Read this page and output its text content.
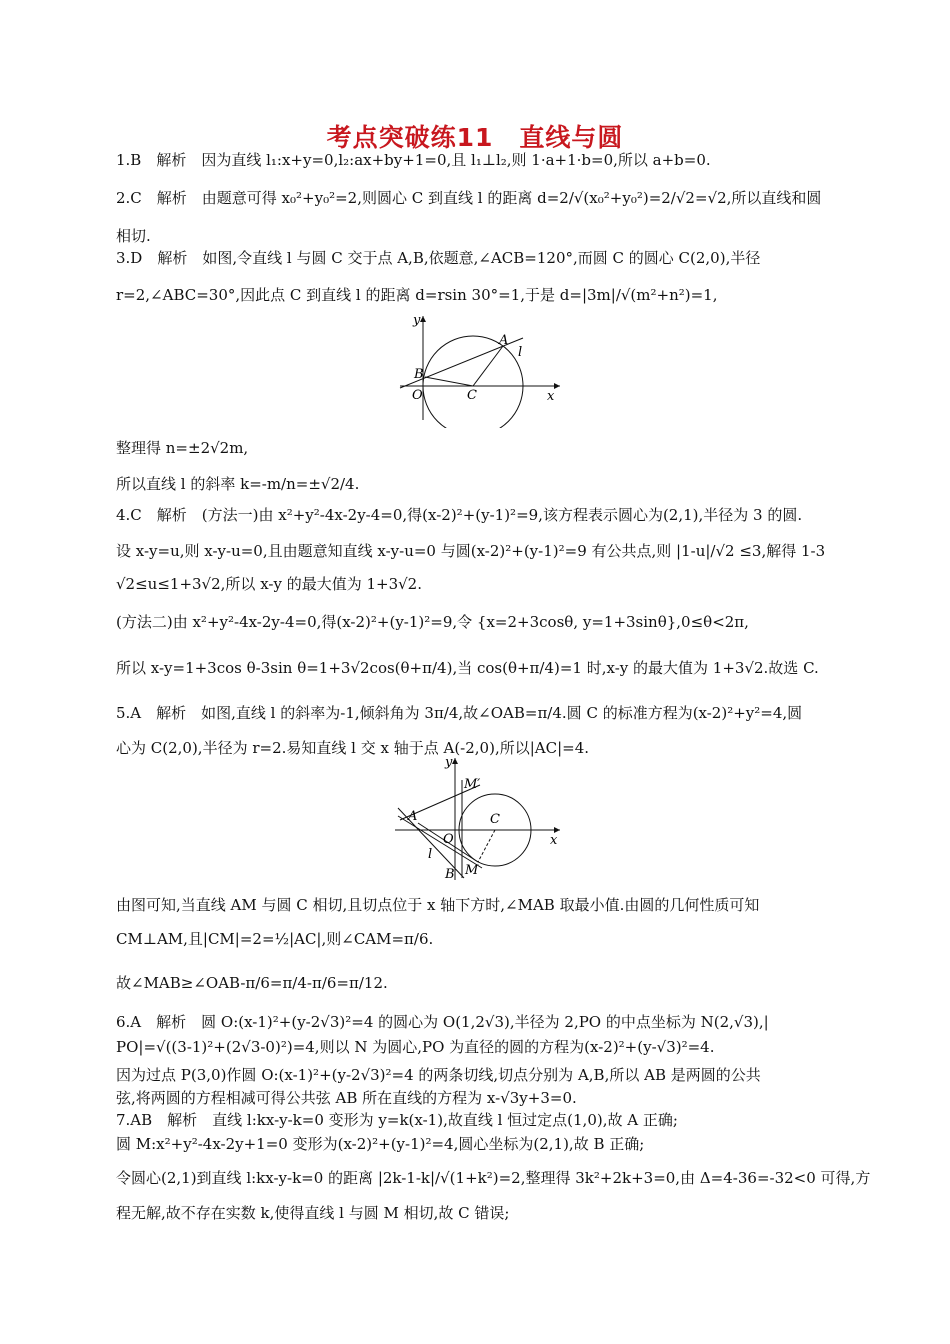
考点突破练11　直线与圆
1.B　解析　因为直线 l₁:x+y=0,l₂:ax+by+1=0,且 l₁⊥l₂,则 1·a+1·b=0,所以 a+b=0.
2.C　解析　由题意可得 x₀²+y₀²=2,则圆心 C 到直线 l 的距离 d=2/√(x₀²+y₀²)=2/√2=√2,所以直线和圆
相切.
3.D　解析　如图,令直线 l 与圆 C 交于点 A,B,依题意,∠ACB=120°,而圆 C 的圆心 C(2,0),半径
r=2,∠ABC=30°,因此点 C 到直线 l 的距离 d=rsin 30°=1,于是 d=|3m|/√(m²+n²)=1,
y
x
A
l
B
O	C
整理得 n=±2√2m,
所以直线 l 的斜率 k=-m/n=±√2/4.
4.C　解析　(方法一)由 x²+y²-4x-2y-4=0,得(x-2)²+(y-1)²=9,该方程表示圆心为(2,1),半径为 3 的圆.
设 x-y=u,则 x-y-u=0,且由题意知直线 x-y-u=0 与圆(x-2)²+(y-1)²=9 有公共点,则 |1-u|/√2 ≤3,解得 1-3
√2≤u≤1+3√2,所以 x-y 的最大值为 1+3√2.
(方法二)由 x²+y²-4x-2y-4=0,得(x-2)²+(y-1)²=9,令 {x=2+3cosθ, y=1+3sinθ},0≤θ<2π,
所以 x-y=1+3cos θ-3sin θ=1+3√2cos(θ+π/4),当 cos(θ+π/4)=1 时,x-y 的最大值为 1+3√2.故选 C.
5.A　解析　如图,直线 l 的斜率为-1,倾斜角为 3π/4,故∠OAB=π/4.圆 C 的标准方程为(x-2)²+y²=4,圆
心为 C(2,0),半径为 r=2.易知直线 l 交 x 轴于点 A(-2,0),所以|AC|=4.
y
x
M′
A	C
O
l
B M
由图可知,当直线 AM 与圆 C 相切,且切点位于 x 轴下方时,∠MAB 取最小值.由圆的几何性质可知
CM⊥AM,且|CM|=2=½|AC|,则∠CAM=π/6.
故∠MAB≥∠OAB-π/6=π/4-π/6=π/12.
6.A　解析　圆 O:(x-1)²+(y-2√3)²=4 的圆心为 O(1,2√3),半径为 2,PO 的中点坐标为 N(2,√3),|
PO|=√((3-1)²+(2√3-0)²)=4,则以 N 为圆心,PO 为直径的圆的方程为(x-2)²+(y-√3)²=4.
因为过点 P(3,0)作圆 O:(x-1)²+(y-2√3)²=4 的两条切线,切点分别为 A,B,所以 AB 是两圆的公共
弦,将两圆的方程相减可得公共弦 AB 所在直线的方程为 x-√3y+3=0.
7.AB　解析　直线 l:kx-y-k=0 变形为 y=k(x-1),故直线 l 恒过定点(1,0),故 A 正确;
圆 M:x²+y²-4x-2y+1=0 变形为(x-2)²+(y-1)²=4,圆心坐标为(2,1),故 B 正确;
令圆心(2,1)到直线 l:kx-y-k=0 的距离 |2k-1-k|/√(1+k²)=2,整理得 3k²+2k+3=0,由 Δ=4-36=-32<0 可得,方
程无解,故不存在实数 k,使得直线 l 与圆 M 相切,故 C 错误;
